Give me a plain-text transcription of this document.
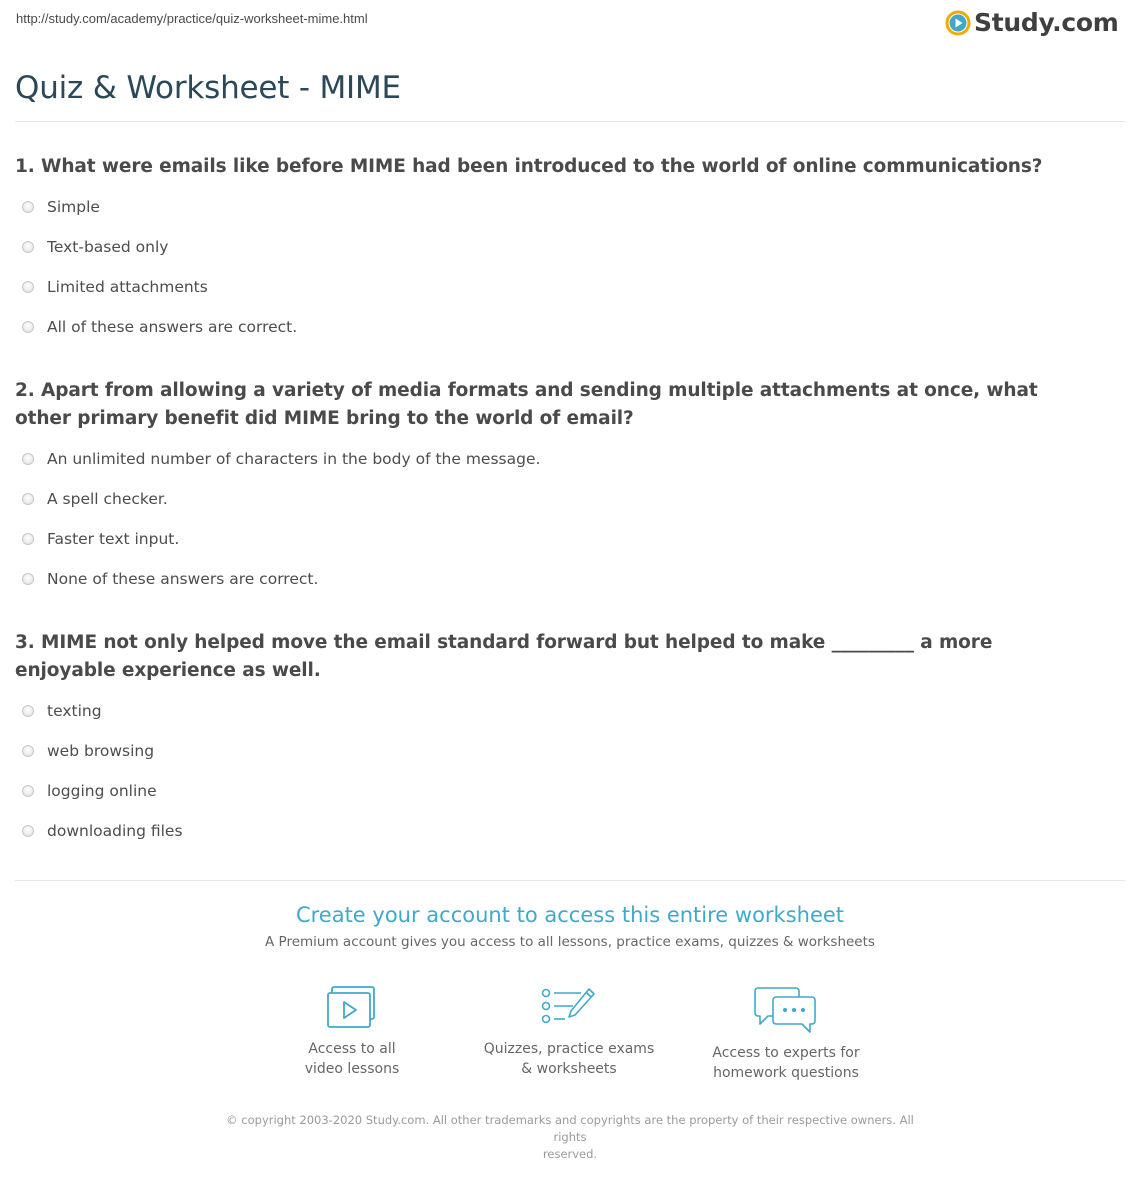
http://study.com/academy/practice/quiz-worksheet-mime.html	Study.com
Quiz & Worksheet - MIME
1. What were emails like before MIME had been introduced to the world of online communications?
Simple
Text-based only
Limited attachments
All of these answers are correct.
2. Apart from allowing a variety of media formats and sending multiple attachments at once, what other primary benefit did MIME bring to the world of email?
An unlimited number of characters in the body of the message.
A spell checker.
Faster text input.
None of these answers are correct.
3. MIME not only helped move the email standard forward but helped to make _________ a more enjoyable experience as well.
texting
web browsing
logging online
downloading files
Create your account to access this entire worksheet
A Premium account gives you access to all lessons, practice exams, quizzes & worksheets
Access to all
video lessons
Quizzes, practice exams
& worksheets
Access to experts for
homework questions
© copyright 2003-2020 Study.com. All other trademarks and copyrights are the property of their respective owners. All rights
reserved.
